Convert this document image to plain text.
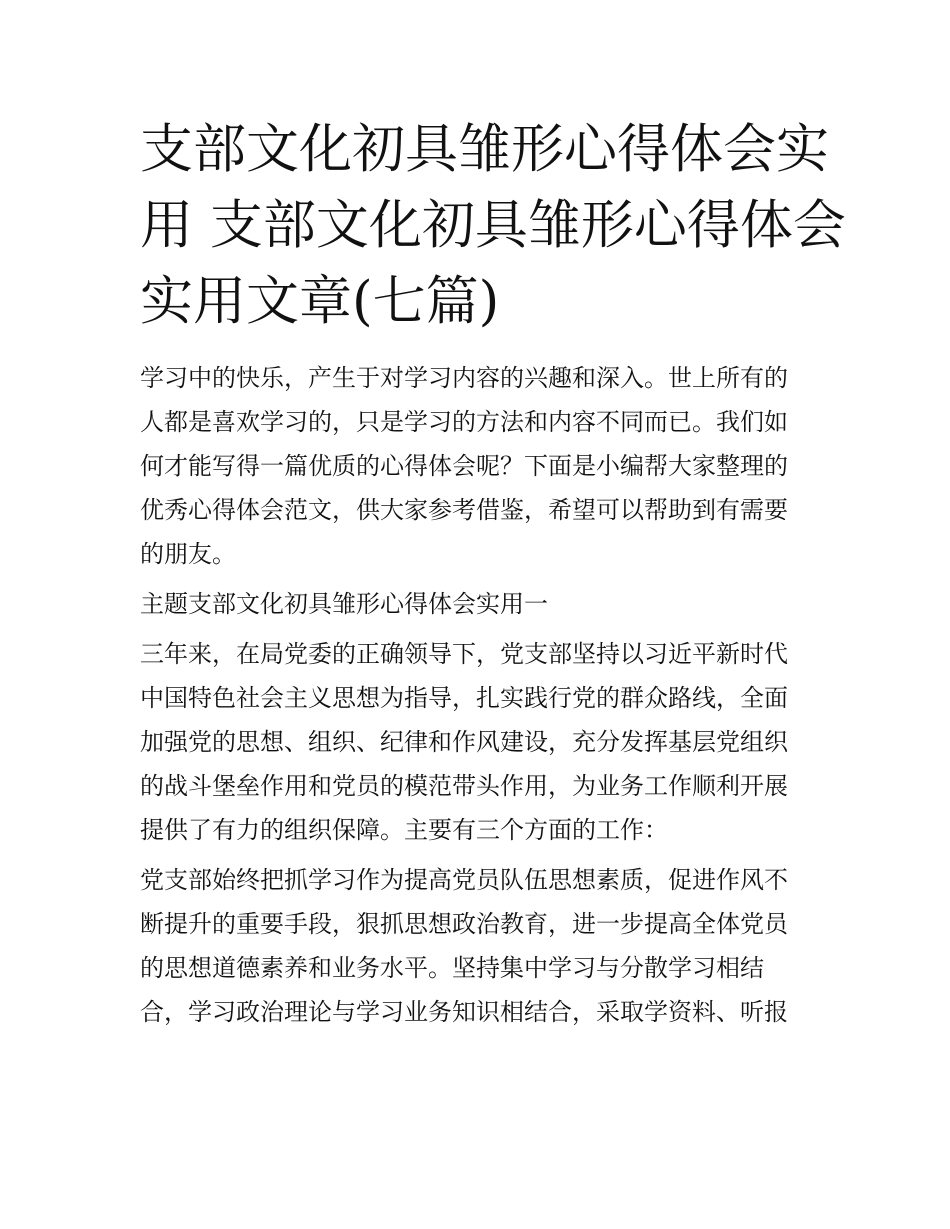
支部文化初具雏形心得体会实
用 支部文化初具雏形心得体会
实用文章(七篇)
学习中的快乐，产生于对学习内容的兴趣和深入。世上所有的
人都是喜欢学习的，只是学习的方法和内容不同而已。我们如
何才能写得一篇优质的心得体会呢？下面是小编帮大家整理的
优秀心得体会范文，供大家参考借鉴，希望可以帮助到有需要
的朋友。
主题支部文化初具雏形心得体会实用一
三年来，在局党委的正确领导下，党支部坚持以习近平新时代
中国特色社会主义思想为指导，扎实践行党的群众路线，全面
加强党的思想、组织、纪律和作风建设，充分发挥基层党组织
的战斗堡垒作用和党员的模范带头作用，为业务工作顺利开展
提供了有力的组织保障。主要有三个方面的工作：
党支部始终把抓学习作为提高党员队伍思想素质，促进作风不
断提升的重要手段，狠抓思想政治教育，进一步提高全体党员
的思想道德素养和业务水平。坚持集中学习与分散学习相结
合，学习政治理论与学习业务知识相结合，采取学资料、听报
